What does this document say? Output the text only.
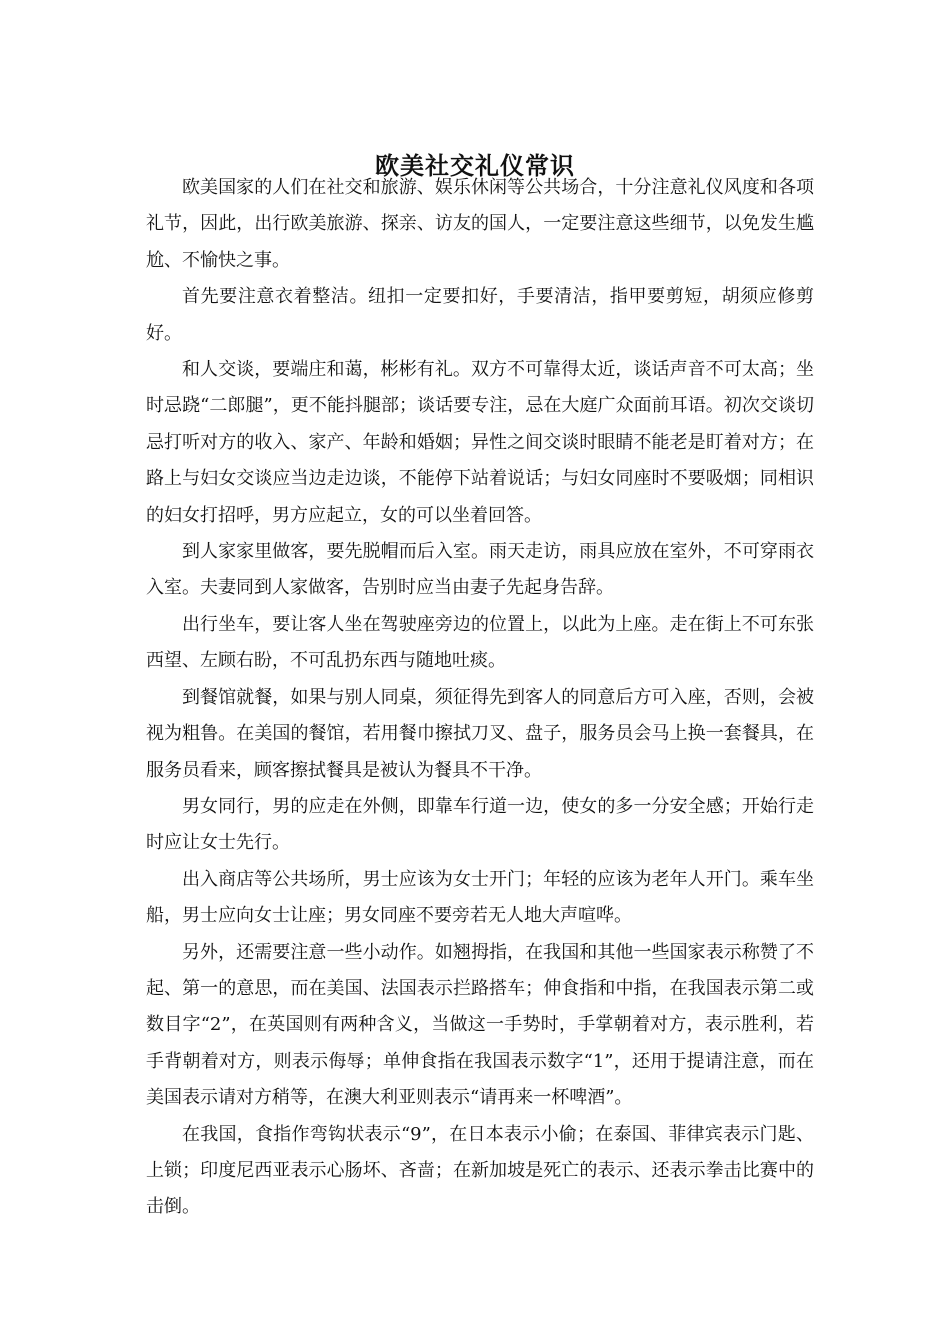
欧美社交礼仪常识

欧美国家的人们在社交和旅游、娱乐休闲等公共场合，十分注意礼仪风度和各项礼节，因此，出行欧美旅游、探亲、访友的国人，一定要注意这些细节，以免发生尴尬、不愉快之事。

首先要注意衣着整洁。纽扣一定要扣好，手要清洁，指甲要剪短，胡须应修剪好。

和人交谈，要端庄和蔼，彬彬有礼。双方不可靠得太近，谈话声音不可太高；坐时忌跷“二郎腿”，更不能抖腿部；谈话要专注，忌在大庭广众面前耳语。初次交谈切忌打听对方的收入、家产、年龄和婚姻；异性之间交谈时眼睛不能老是盯着对方；在路上与妇女交谈应当边走边谈，不能停下站着说话；与妇女同座时不要吸烟；同相识的妇女打招呼，男方应起立，女的可以坐着回答。

到人家家里做客，要先脱帽而后入室。雨天走访，雨具应放在室外，不可穿雨衣入室。夫妻同到人家做客，告别时应当由妻子先起身告辞。

出行坐车，要让客人坐在驾驶座旁边的位置上，以此为上座。走在街上不可东张西望、左顾右盼，不可乱扔东西与随地吐痰。

到餐馆就餐，如果与别人同桌，须征得先到客人的同意后方可入座，否则，会被视为粗鲁。在美国的餐馆，若用餐巾擦拭刀叉、盘子，服务员会马上换一套餐具，在服务员看来，顾客擦拭餐具是被认为餐具不干净。

男女同行，男的应走在外侧，即靠车行道一边，使女的多一分安全感；开始行走时应让女士先行。

出入商店等公共场所，男士应该为女士开门；年轻的应该为老年人开门。乘车坐船，男士应向女士让座；男女同座不要旁若无人地大声喧哗。

另外，还需要注意一些小动作。如翘拇指，在我国和其他一些国家表示称赞了不起、第一的意思，而在美国、法国表示拦路搭车；伸食指和中指，在我国表示第二或数目字“2”，在英国则有两种含义，当做这一手势时，手掌朝着对方，表示胜利，若手背朝着对方，则表示侮辱；单伸食指在我国表示数字“1”，还用于提请注意，而在美国表示请对方稍等，在澳大利亚则表示“请再来一杯啤酒”。

在我国，食指作弯钩状表示“9”，在日本表示小偷；在泰国、菲律宾表示门匙、上锁；印度尼西亚表示心肠坏、吝啬；在新加坡是死亡的表示、还表示拳击比赛中的击倒。
